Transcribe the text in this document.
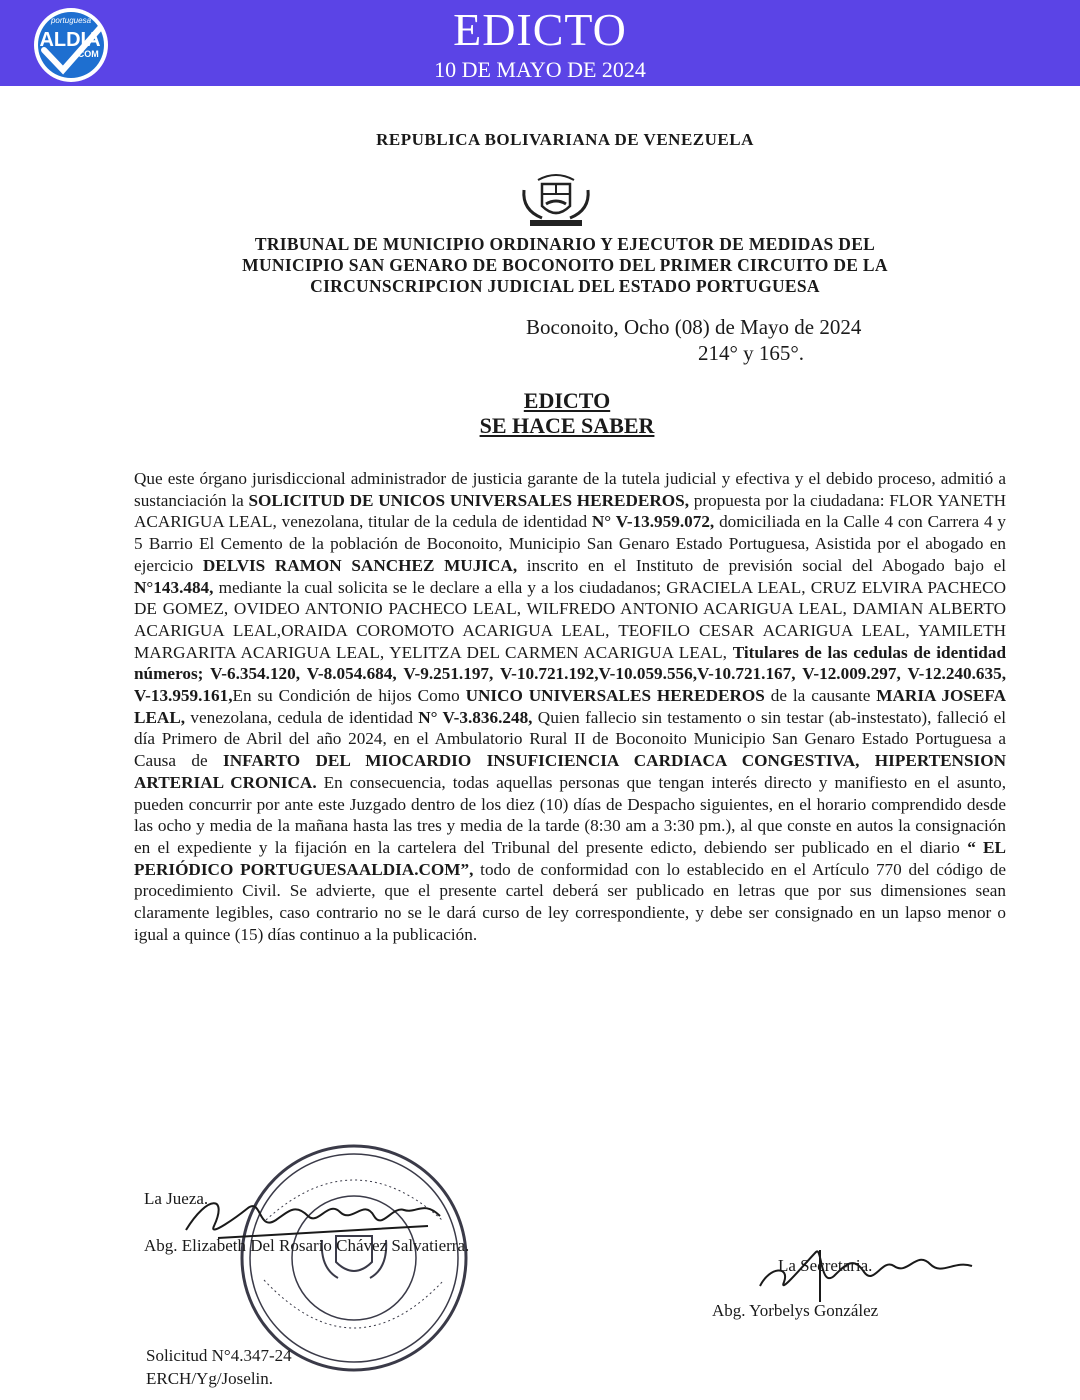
portuguesa
ALDIA
.COM	EDICTO
10 DE MAYO DE 2024
REPUBLICA BOLIVARIANA DE VENEZUELA
TRIBUNAL DE MUNICIPIO ORDINARIO Y EJECUTOR DE MEDIDAS DEL
MUNICIPIO SAN GENARO DE BOCONOITO DEL PRIMER CIRCUITO DE LA
CIRCUNSCRIPCION JUDICIAL DEL ESTADO PORTUGUESA
Boconoito, Ocho (08) de Mayo de 2024
214° y 165°.
EDICTO
SE HACE SABER
Que este órgano jurisdiccional administrador de justicia garante de la tutela judicial y efectiva y el debido proceso, admitió a sustanciación la SOLICITUD DE UNICOS UNIVERSALES HEREDEROS, propuesta por la ciudadana: FLOR YANETH ACARIGUA LEAL, venezolana, titular de la cedula de identidad N° V-13.959.072, domiciliada en la Calle 4 con Carrera 4 y 5 Barrio El Cemento de la población de Boconoito, Municipio San Genaro Estado Portuguesa, Asistida por el abogado en ejercicio DELVIS RAMON SANCHEZ MUJICA, inscrito en el Instituto de previsión social del Abogado bajo el N°143.484, mediante la cual solicita se le declare a ella y a los ciudadanos; GRACIELA LEAL, CRUZ ELVIRA PACHECO DE GOMEZ, OVIDEO ANTONIO PACHECO LEAL, WILFREDO ANTONIO ACARIGUA LEAL, DAMIAN ALBERTO ACARIGUA LEAL,ORAIDA COROMOTO ACARIGUA LEAL, TEOFILO CESAR ACARIGUA LEAL, YAMILETH MARGARITA ACARIGUA LEAL, YELITZA DEL CARMEN ACARIGUA LEAL, Titulares de las cedulas de identidad números; V-6.354.120, V-8.054.684, V-9.251.197, V-10.721.192,V-10.059.556,V-10.721.167, V-12.009.297, V-12.240.635, V-13.959.161,En su Condición de hijos Como UNICO UNIVERSALES HEREDEROS de la causante MARIA JOSEFA LEAL, venezolana, cedula de identidad N° V-3.836.248, Quien fallecio sin testamento o sin testar (ab-instestato), falleció el día Primero de Abril del año 2024, en el Ambulatorio Rural II de Boconoito Municipio San Genaro Estado Portuguesa a Causa de INFARTO DEL MIOCARDIO INSUFICIENCIA CARDIACA CONGESTIVA, HIPERTENSION ARTERIAL CRONICA. En consecuencia, todas aquellas personas que tengan interés directo y manifiesto en el asunto, pueden concurrir por ante este Juzgado dentro de los diez (10) días de Despacho siguientes, en el horario comprendido desde las ocho y media de la mañana hasta las tres y media de la tarde (8:30 am a 3:30 pm.), al que conste en autos la consignación en el expediente y la fijación en la cartelera del Tribunal del presente edicto, debiendo ser publicado en el diario “ EL PERIÓDICO PORTUGUESAALDIA.COM”, todo de conformidad con lo establecido en el Artículo 770 del código de procedimiento Civil. Se advierte, que el presente cartel deberá ser publicado en letras que por sus dimensiones sean claramente legibles, caso contrario no se le dará curso de ley correspondiente, y debe ser consignado en un lapso menor o igual a quince (15) días continuo a la publicación.
La Jueza.
Abg. Elizabeth Del Rosario Chávez Salvatierra.
La Secretaria.
Abg. Yorbelys González
Solicitud N°4.347-24
ERCH/Yg/Joselin.
